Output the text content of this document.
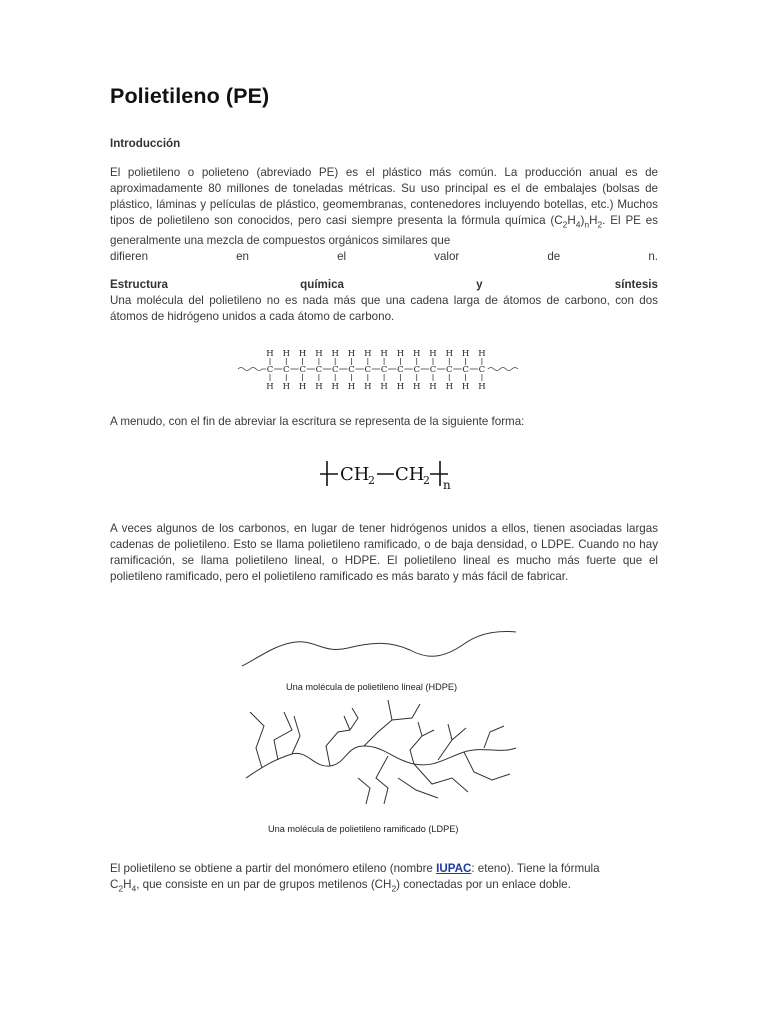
Polietileno (PE)

Introducción

El polietileno o polieteno (abreviado PE) es el plástico más común. La producción anual es de aproximadamente 80 millones de toneladas métricas. Su uso principal es el de embalajes (bolsas de plástico, láminas y películas de plástico, geomembranas, contenedores incluyendo botellas, etc.) Muchos tipos de polietileno son conocidos, pero casi siempre presenta la fórmula química $(C_2H_4)_nH_2$. El PE es generalmente una mezcla de compuestos orgánicos similares que
difieren	en	el	valor	de	n.
Estructura	química	y	síntesis
Una molécula del polietileno no es nada más que una cadena larga de átomos de carbono, con dos átomos de hidrógeno unidos a cada átomo de carbono.

A menudo, con el fin de abreviar la escritura se representa de la siguiente forma:

A veces algunos de los carbonos, en lugar de tener hidrógenos unidos a ellos, tienen asociadas largas cadenas de polietileno. Esto se llama polietileno ramificado, o de baja densidad, o LDPE. Cuando no hay ramificación, se llama polietileno lineal, o HDPE. El polietileno lineal es mucho más fuerte que el polietileno ramificado, pero el polietileno ramificado es más barato y más fácil de fabricar.

El polietileno se obtiene a partir del monómero etileno (nombre IUPAC: eteno). Tiene la fórmula
$C_2H_4$, que consiste en un par de grupos metilenos $(CH_2)$ conectadas por un enlace doble.
H
C
H
H
C
H
H
C
H
H
C
H
H
C
H
H
C
H
H
C
H
H
C
H
H
C
H
H
C
H
H
C
H
H
C
H
H
C
H
H
C
H
CH
2 CH
2 n
Una molécula de polietileno lineal (HDPE)
Una molécula de polietileno ramificado (LDPE)
